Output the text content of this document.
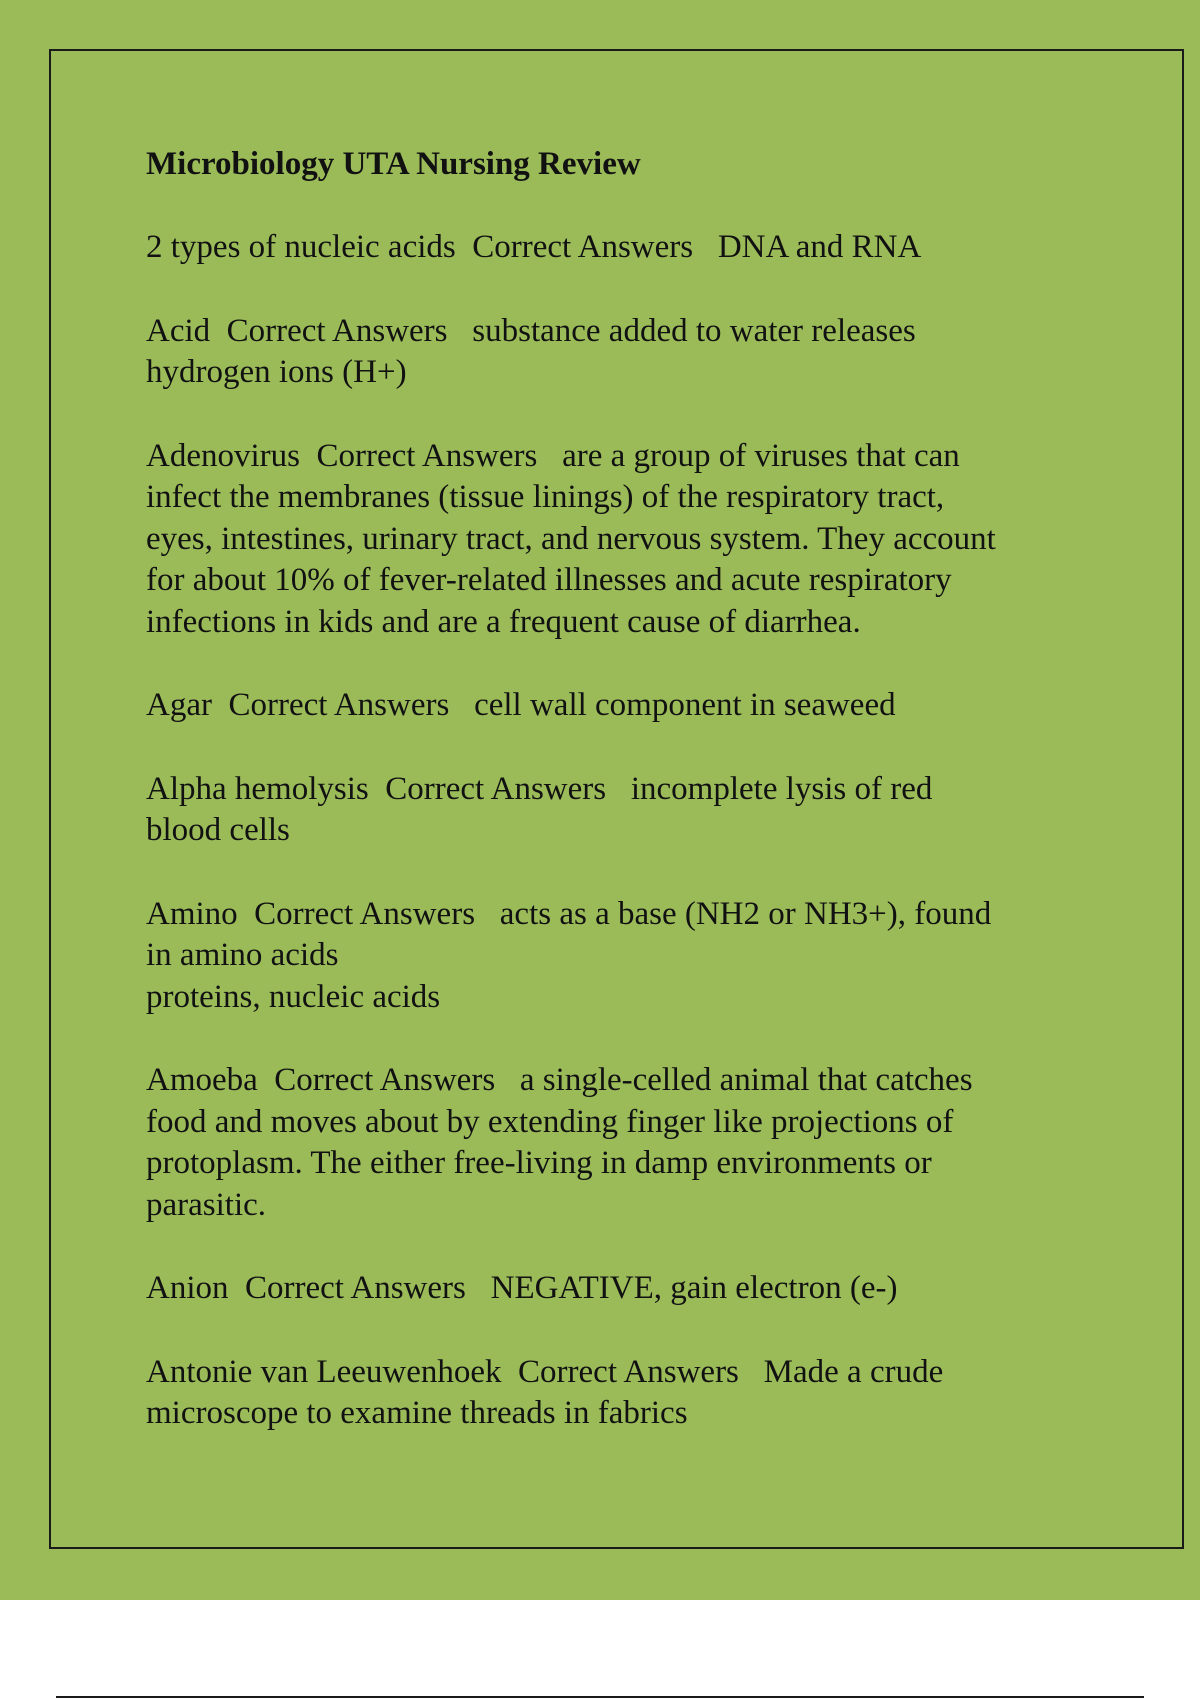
Microbiology UTA Nursing Review
2 types of nucleic acids  Correct Answers   DNA and RNA
Acid  Correct Answers   substance added to water releases
hydrogen ions (H+)
Adenovirus  Correct Answers   are a group of viruses that can
infect the membranes (tissue linings) of the respiratory tract,
eyes, intestines, urinary tract, and nervous system. They account
for about 10% of fever-related illnesses and acute respiratory
infections in kids and are a frequent cause of diarrhea.
Agar  Correct Answers   cell wall component in seaweed
Alpha hemolysis  Correct Answers   incomplete lysis of red
blood cells
Amino  Correct Answers   acts as a base (NH2 or NH3+), found
in amino acids
proteins, nucleic acids
Amoeba  Correct Answers   a single-celled animal that catches
food and moves about by extending finger like projections of
protoplasm. The either free-living in damp environments or
parasitic.
Anion  Correct Answers   NEGATIVE, gain electron (e-)
Antonie van Leeuwenhoek  Correct Answers   Made a crude
microscope to examine threads in fabrics
